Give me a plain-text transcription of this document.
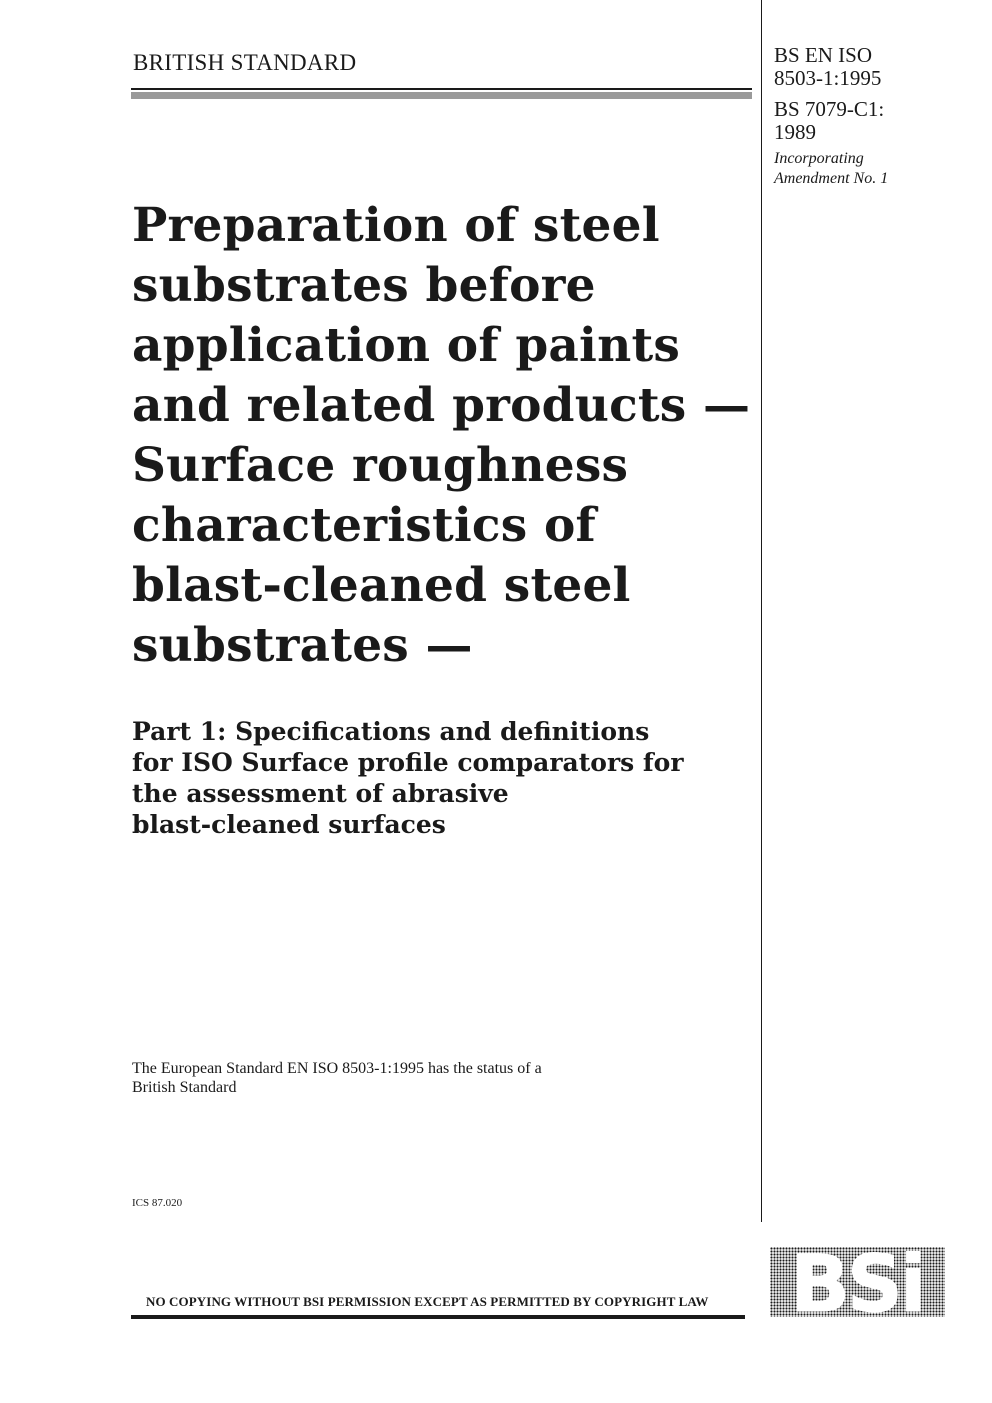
BRITISH STANDARD	BS EN ISO
8503-1:1995
BS 7079-C1:
1989
Incorporating
Amendment No. 1
Preparation of steel
substrates before
application of paints
and related products —
Surface roughness
characteristics of
blast-cleaned steel
substrates —
Part 1: Specifications and definitions
for ISO Surface profile comparators for
the assessment of abrasive
blast-cleaned surfaces
The European Standard EN ISO 8503-1:1995 has the status of a
British Standard
ICS 87.020
NO COPYING WITHOUT BSI PERMISSION EXCEPT AS PERMITTED BY COPYRIGHT LAW	BSi
